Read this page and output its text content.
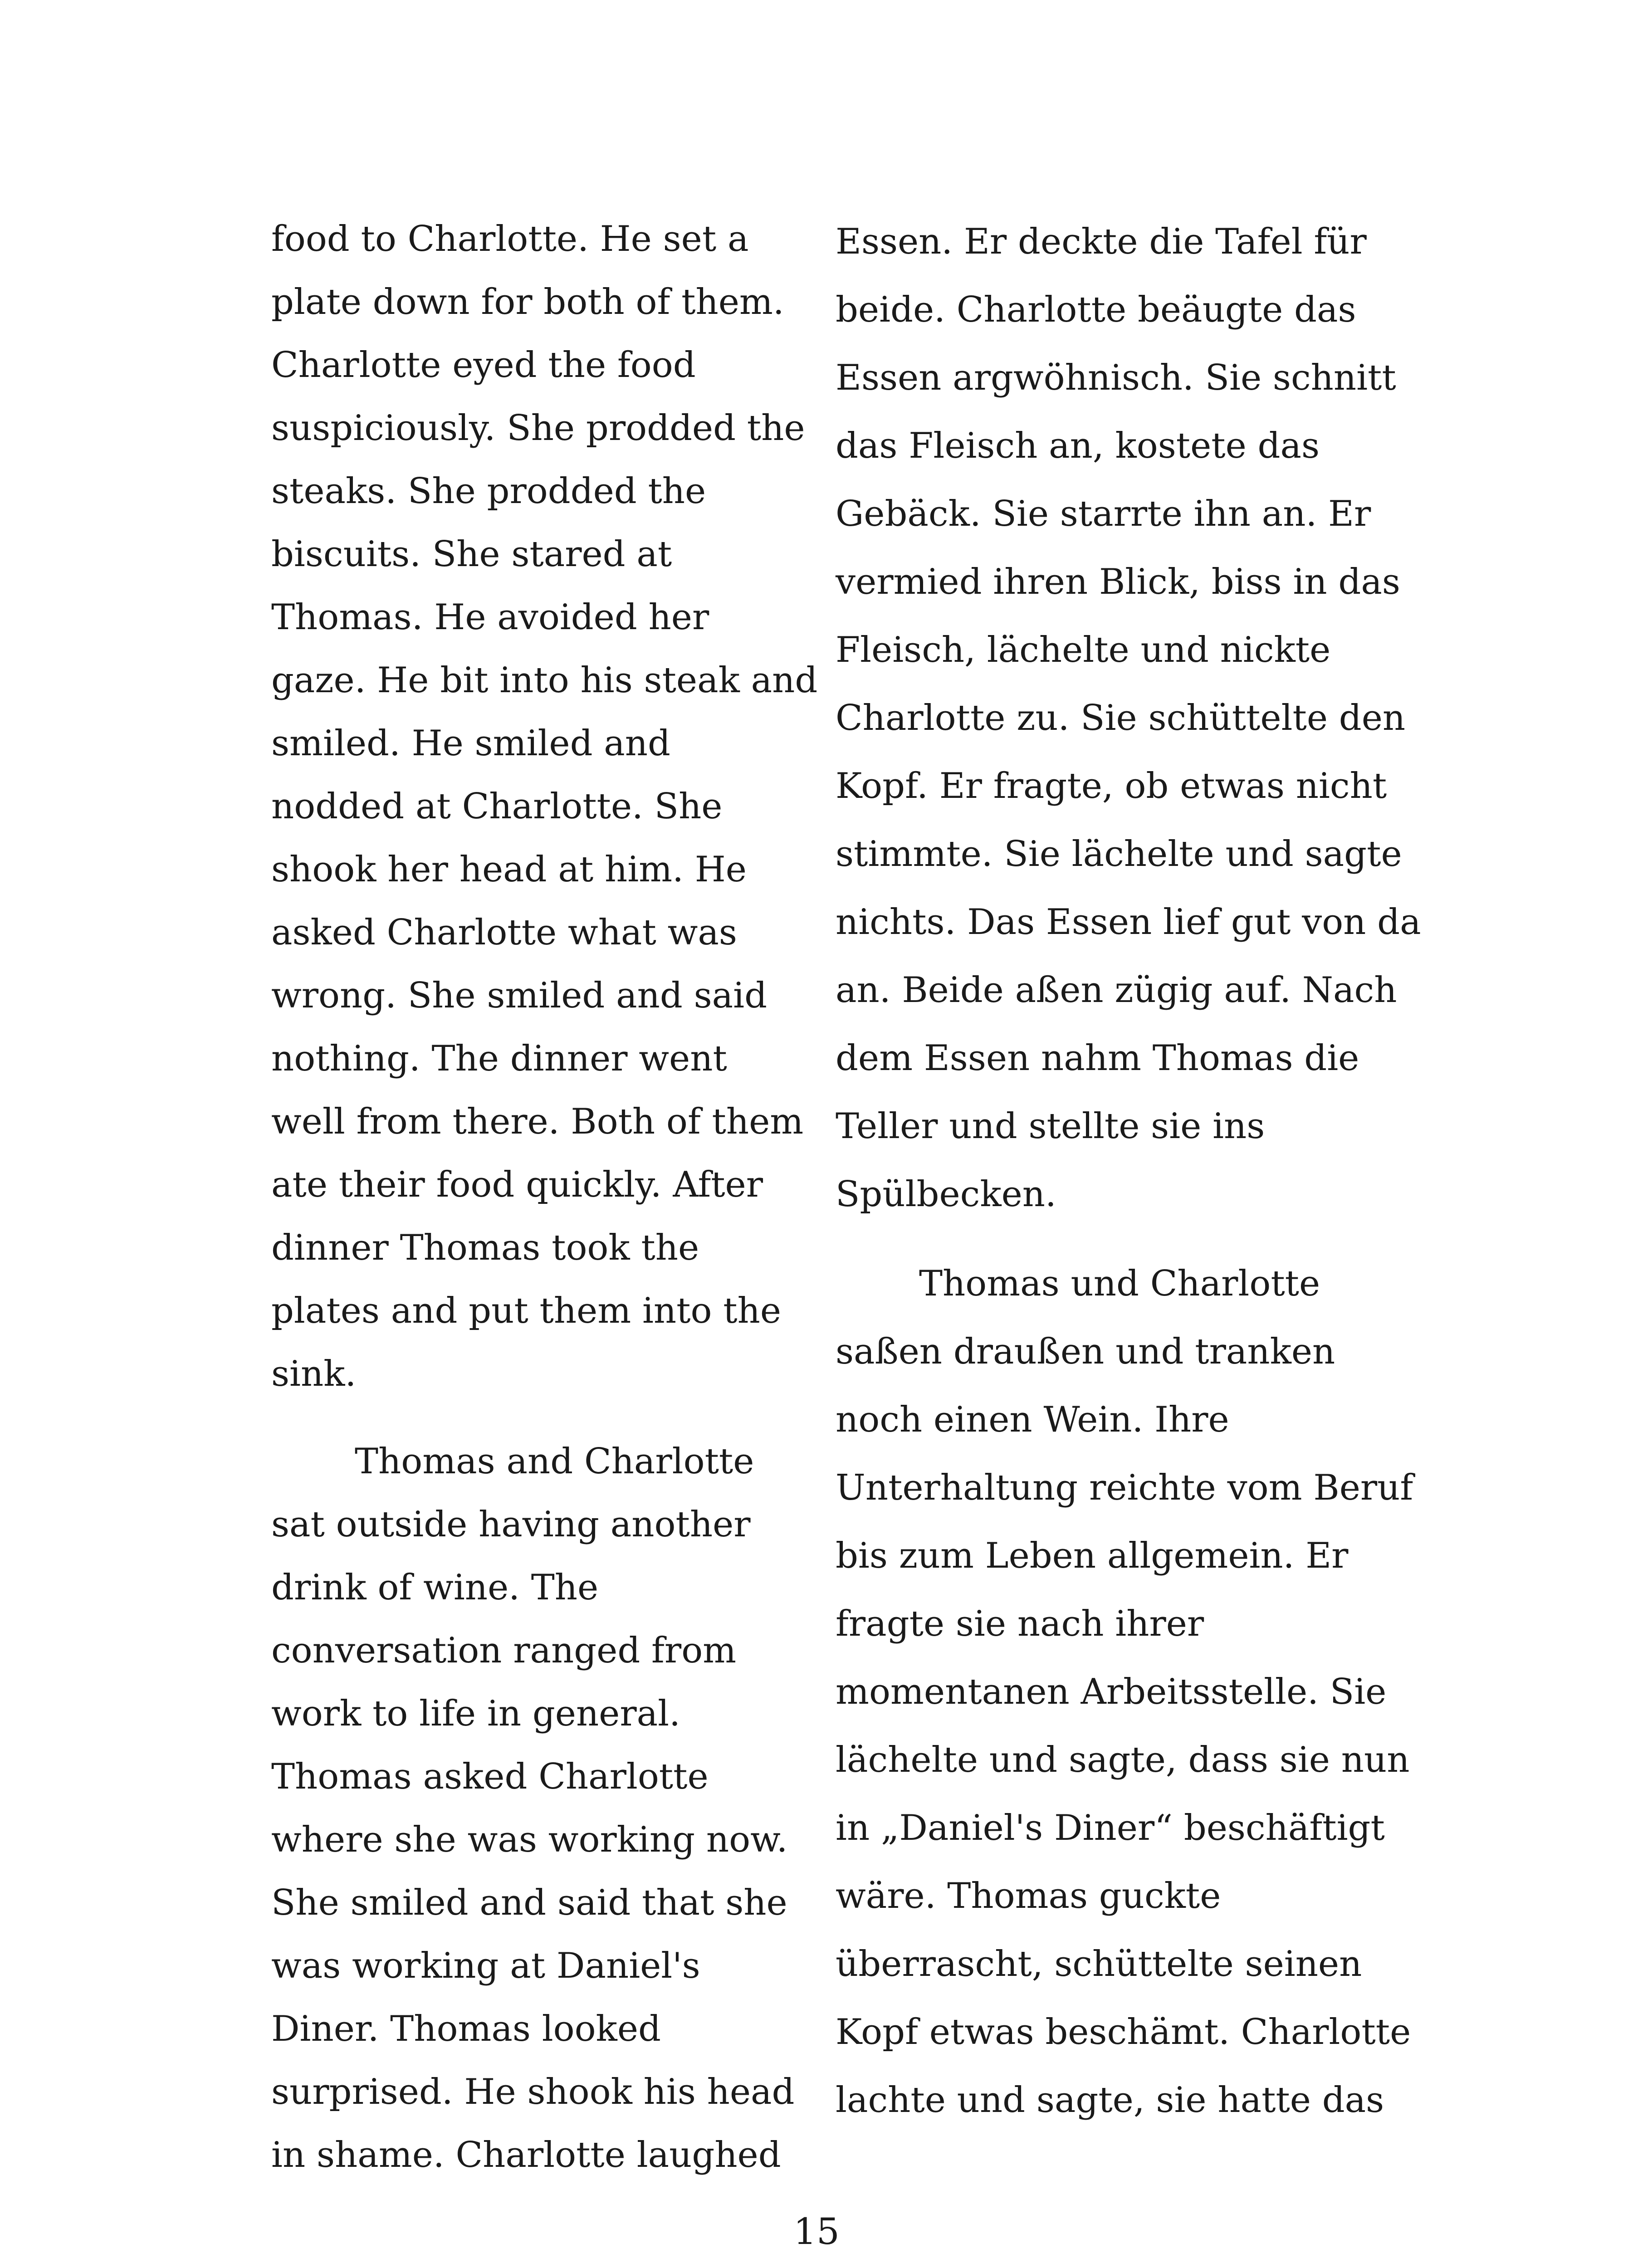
food to Charlotte. He set a
plate down for both of them.
Charlotte eyed the food
suspiciously. She prodded the
steaks. She prodded the
biscuits. She stared at
Thomas. He avoided her
gaze. He bit into his steak and
smiled. He smiled and
nodded at Charlotte. She
shook her head at him. He
asked Charlotte what was
wrong. She smiled and said
nothing. The dinner went
well from there. Both of them
ate their food quickly. After
dinner Thomas took the
plates and put them into the
sink.
Thomas and Charlotte
sat outside having another
drink of wine. The
conversation ranged from
work to life in general.
Thomas asked Charlotte
where she was working now.
She smiled and said that she
was working at Daniel's
Diner. Thomas looked
surprised. He shook his head
in shame. Charlotte laughed
Essen. Er deckte die Tafel für
beide. Charlotte beäugte das
Essen argwöhnisch. Sie schnitt
das Fleisch an, kostete das
Gebäck. Sie starrte ihn an. Er
vermied ihren Blick, biss in das
Fleisch, lächelte und nickte
Charlotte zu. Sie schüttelte den
Kopf. Er fragte, ob etwas nicht
stimmte. Sie lächelte und sagte
nichts. Das Essen lief gut von da
an. Beide aßen zügig auf. Nach
dem Essen nahm Thomas die
Teller und stellte sie ins
Spülbecken.
Thomas und Charlotte
saßen draußen und tranken
noch einen Wein. Ihre
Unterhaltung reichte vom Beruf
bis zum Leben allgemein. Er
fragte sie nach ihrer
momentanen Arbeitsstelle. Sie
lächelte und sagte, dass sie nun
in „Daniel's Diner“ beschäftigt
wäre. Thomas guckte
überrascht, schüttelte seinen
Kopf etwas beschämt. Charlotte
lachte und sagte, sie hatte das
15
